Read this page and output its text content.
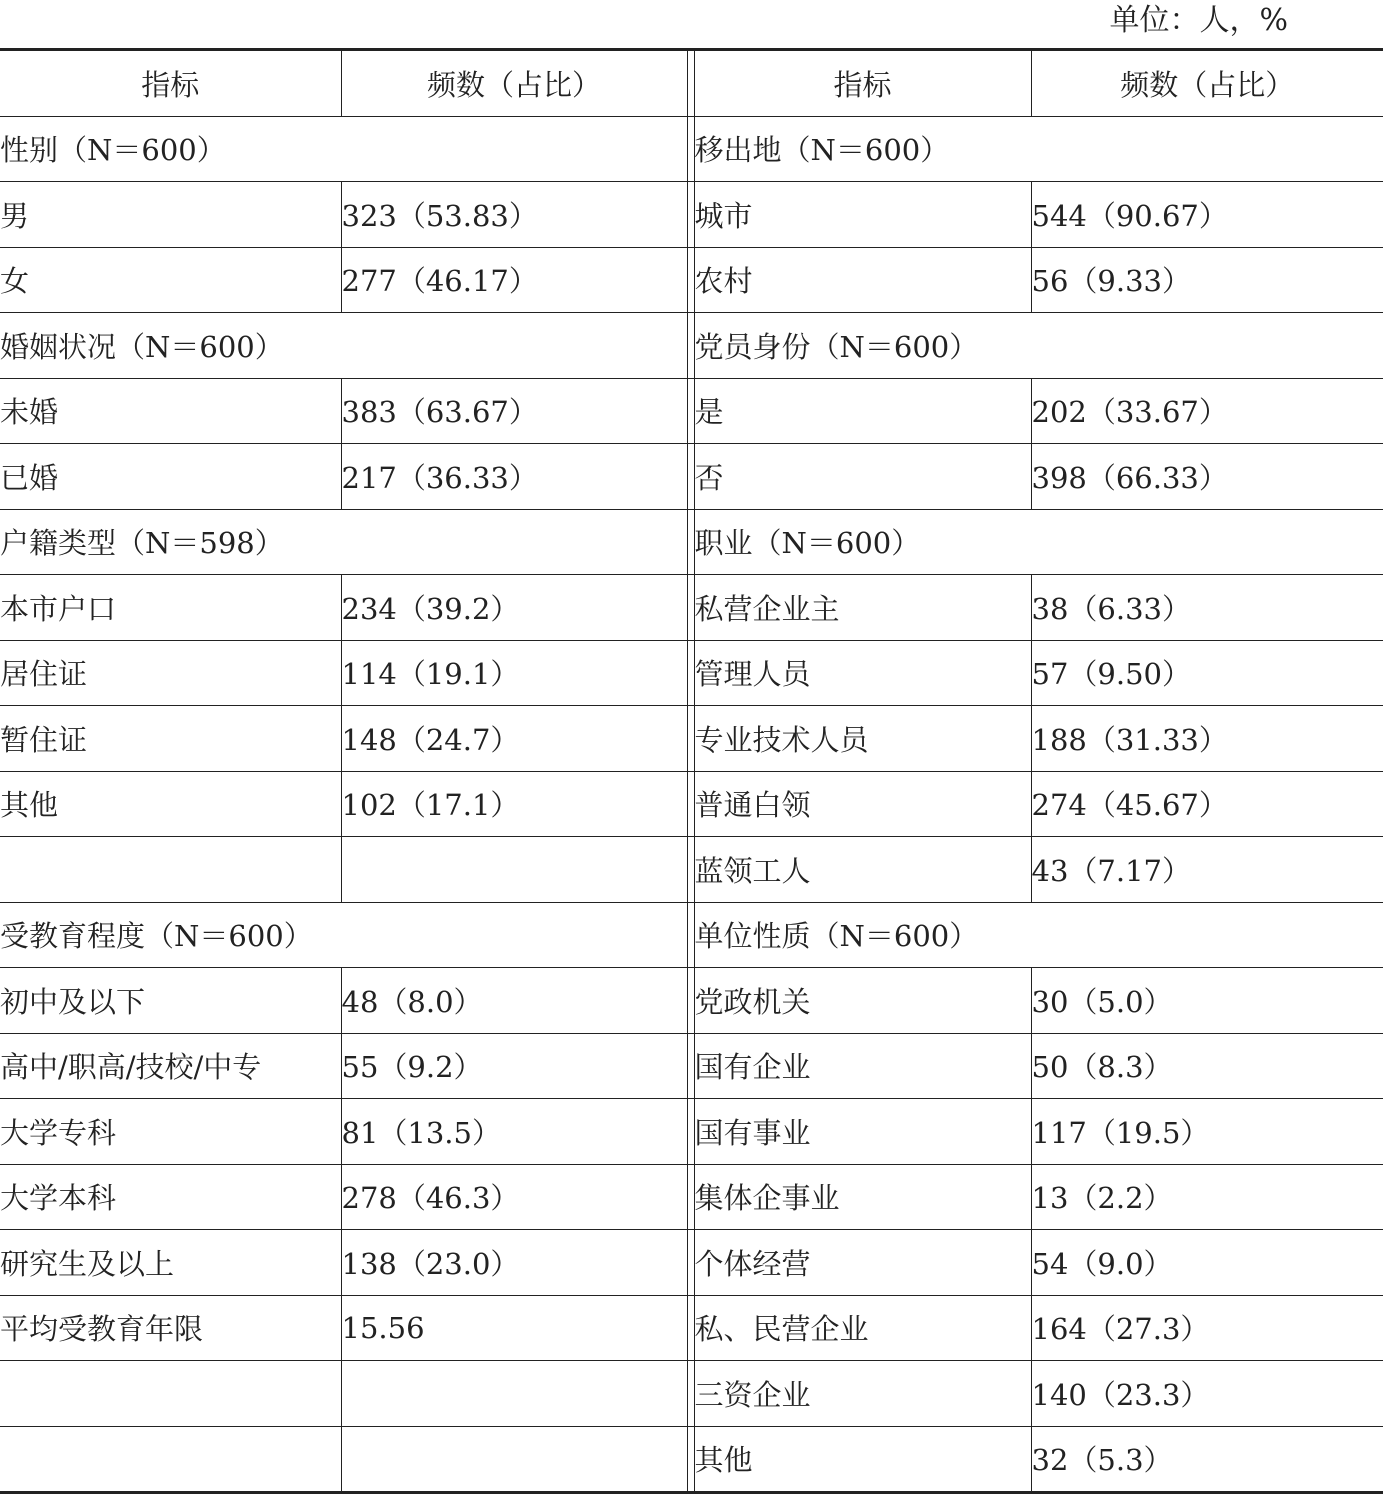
单位：人，%
指标	频数（占比）		指标	频数（占比）
性别（N＝600）			移出地（N＝600）	
男	323（53.83）		城市	544（90.67）
女	277（46.17）		农村	56（9.33）
婚姻状况（N＝600）			党员身份（N＝600）	
未婚	383（63.67）		是	202（33.67）
已婚	217（36.33）		否	398（66.33）
户籍类型（N＝598）			职业（N＝600）	
本市户口	234（39.2）		私营企业主	38（6.33）
居住证	114（19.1）		管理人员	57（9.50）
暂住证	148（24.7）		专业技术人员	188（31.33）
其他	102（17.1）		普通白领	274（45.67）
			蓝领工人	43（7.17）
受教育程度（N＝600）			单位性质（N＝600）	
初中及以下	48（8.0）		党政机关	30（5.0）
高中/职高/技校/中专	55（9.2）		国有企业	50（8.3）
大学专科	81（13.5）		国有事业	117（19.5）
大学本科	278（46.3）		集体企事业	13（2.2）
研究生及以上	138（23.0）		个体经营	54（9.0）
平均受教育年限	15.56		私、民营企业	164（27.3）
			三资企业	140（23.3）
			其他	32（5.3）
